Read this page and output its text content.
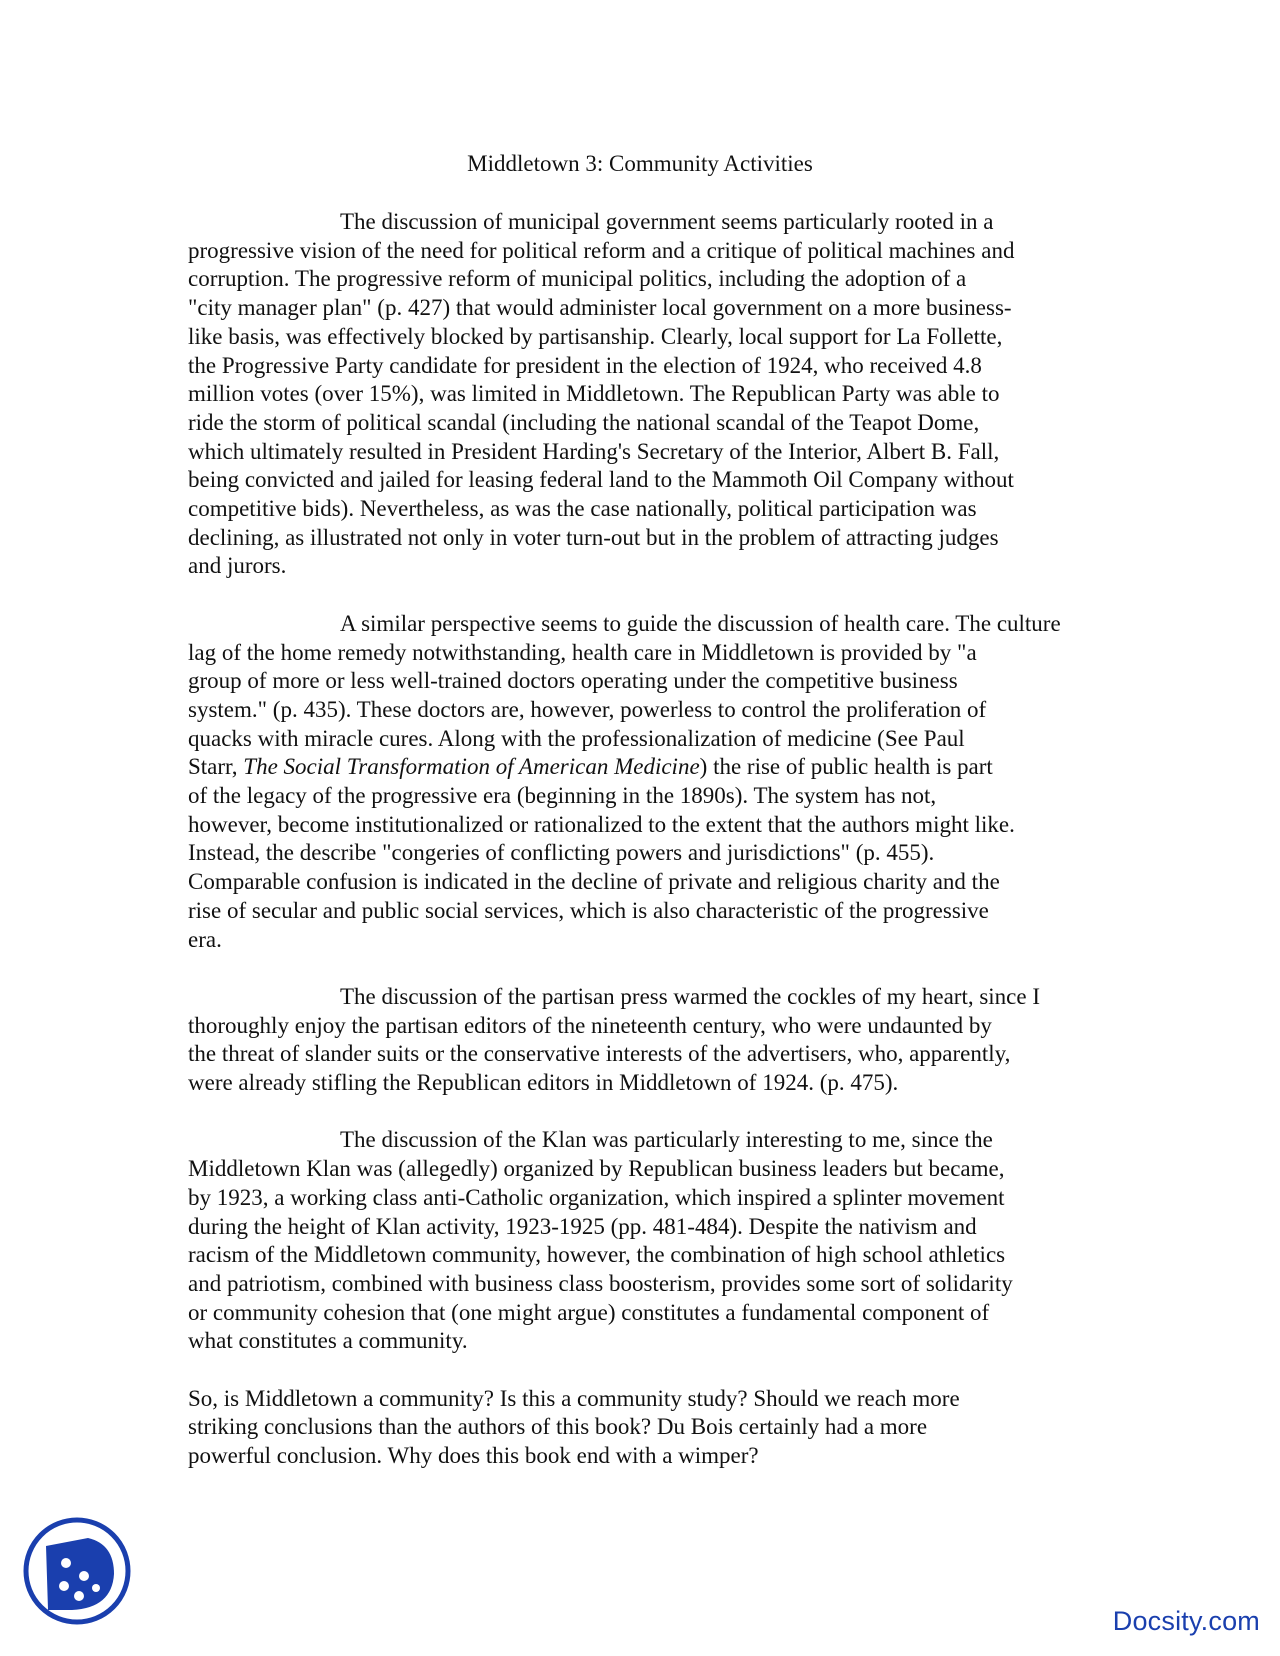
Middletown 3: Community Activities
The discussion of municipal government seems particularly rooted in a
progressive vision of the need for political reform and a critique of political machines and
corruption. The progressive reform of municipal politics, including the adoption of a
"city manager plan" (p. 427) that would administer local government on a more business-
like basis, was effectively blocked by partisanship. Clearly, local support for La Follette,
the Progressive Party candidate for president in the election of 1924, who received 4.8
million votes (over 15%), was limited in Middletown. The Republican Party was able to
ride the storm of political scandal (including the national scandal of the Teapot Dome,
which ultimately resulted in President Harding's Secretary of the Interior, Albert B. Fall,
being convicted and jailed for leasing federal land to the Mammoth Oil Company without
competitive bids). Nevertheless, as was the case nationally, political participation was
declining, as illustrated not only in voter turn-out but in the problem of attracting judges
and jurors.
A similar perspective seems to guide the discussion of health care. The culture
lag of the home remedy notwithstanding, health care in Middletown is provided by "a
group of more or less well-trained doctors operating under the competitive business
system." (p. 435). These doctors are, however, powerless to control the proliferation of
quacks with miracle cures. Along with the professionalization of medicine (See Paul
Starr, The Social Transformation of American Medicine) the rise of public health is part
of the legacy of the progressive era (beginning in the 1890s). The system has not,
however, become institutionalized or rationalized to the extent that the authors might like.
Instead, the describe "congeries of conflicting powers and jurisdictions" (p. 455).
Comparable confusion is indicated in the decline of private and religious charity and the
rise of secular and public social services, which is also characteristic of the progressive
era.
The discussion of the partisan press warmed the cockles of my heart, since I
thoroughly enjoy the partisan editors of the nineteenth century, who were undaunted by
the threat of slander suits or the conservative interests of the advertisers, who, apparently,
were already stifling the Republican editors in Middletown of 1924. (p. 475).
The discussion of the Klan was particularly interesting to me, since the
Middletown Klan was (allegedly) organized by Republican business leaders but became,
by 1923, a working class anti-Catholic organization, which inspired a splinter movement
during the height of Klan activity, 1923-1925 (pp. 481-484). Despite the nativism and
racism of the Middletown community, however, the combination of high school athletics
and patriotism, combined with business class boosterism, provides some sort of solidarity
or community cohesion that (one might argue) constitutes a fundamental component of
what constitutes a community.
So, is Middletown a community? Is this a community study? Should we reach more
striking conclusions than the authors of this book? Du Bois certainly had a more
powerful conclusion. Why does this book end with a wimper?
Docsity.com
